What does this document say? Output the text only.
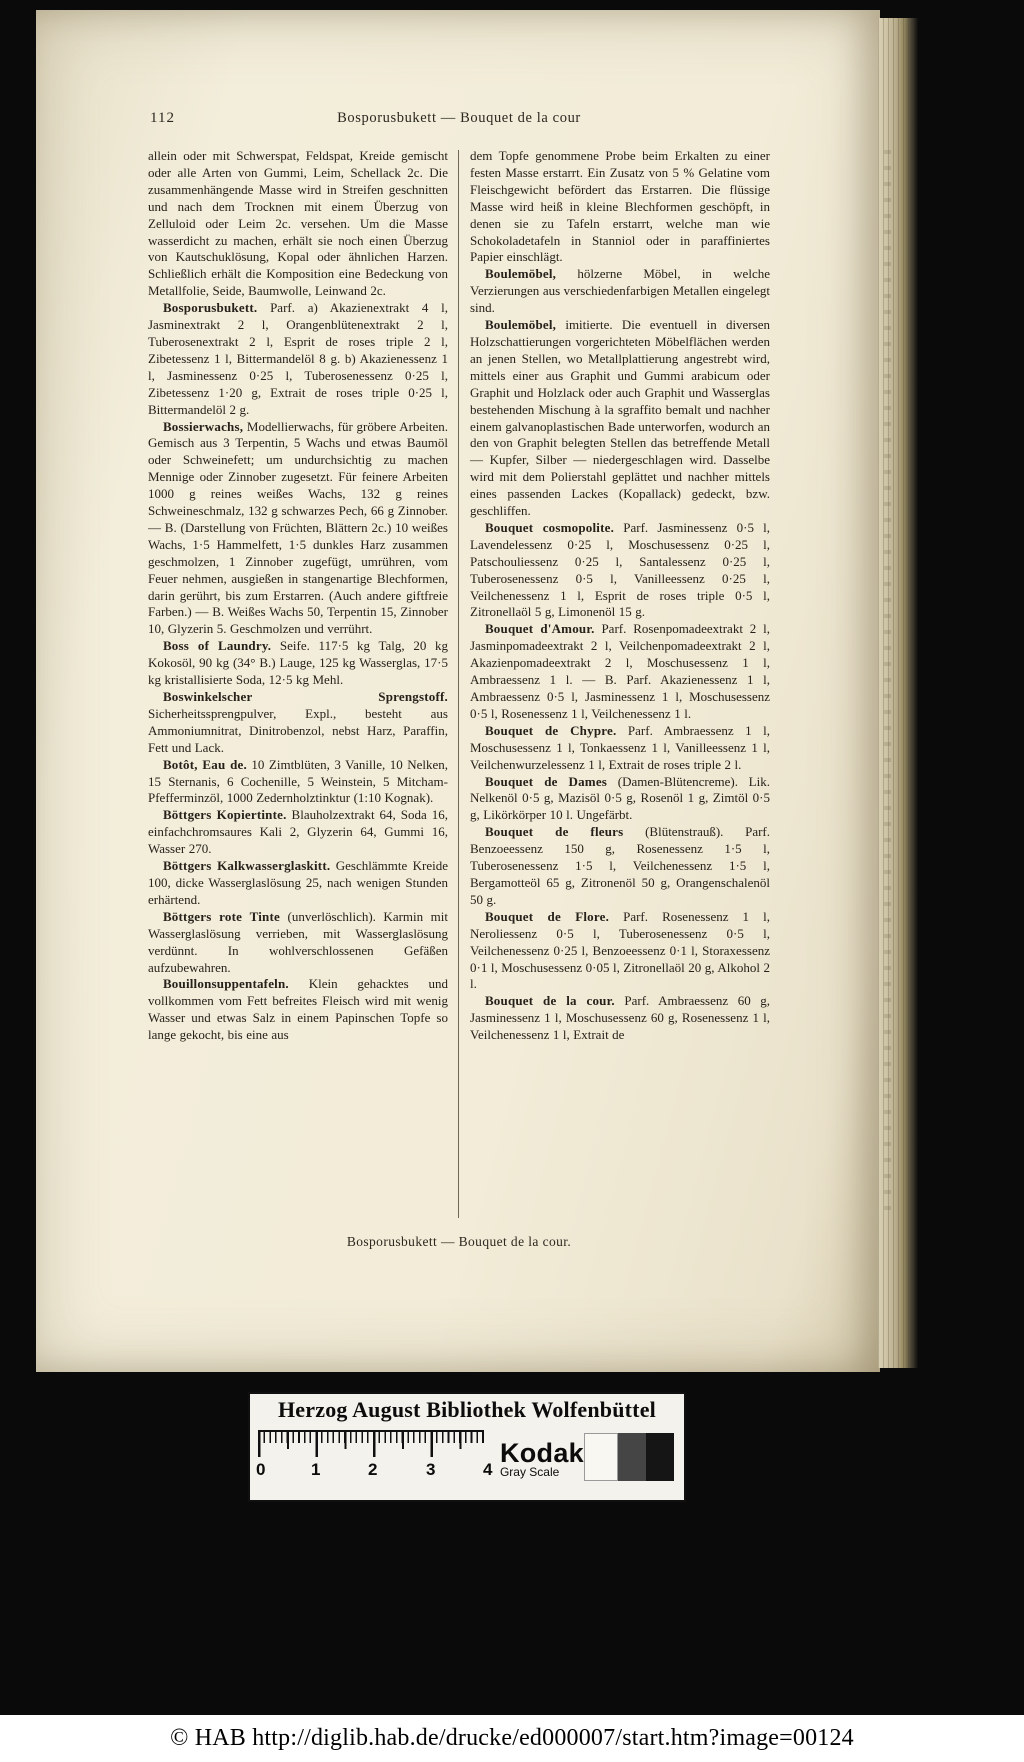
112	Bosporusbukett — Bouquet de la cour

allein oder mit Schwerspat, Feldspat, Kreide gemischt oder alle Arten von Gummi, Leim, Schellack 2c. Die zusammenhängende Masse wird in Streifen geschnitten und nach dem Trocknen mit einem Überzug von Zelluloid oder Leim 2c. versehen. Um die Masse wasserdicht zu machen, erhält sie noch einen Überzug von Kautschuklösung, Kopal oder ähnlichen Harzen. Schließlich erhält die Komposition eine Bedeckung von Metallfolie, Seide, Baumwolle, Leinwand 2c.

Bosporusbukett. Parf. a) Akazienextrakt 4 l, Jasminextrakt 2 l, Orangenblütenextrakt 2 l, Tuberosenextrakt 2 l, Esprit de roses triple 2 l, Zibetessenz 1 l, Bittermandelöl 8 g. b) Akazienessenz 1 l, Jasminessenz 0·25 l, Tuberosenessenz 0·25 l, Zibetessenz 1·20 g, Extrait de roses triple 0·25 l, Bittermandelöl 2 g.

Bossierwachs, Modellierwachs, für gröbere Arbeiten. Gemisch aus 3 Terpentin, 5 Wachs und etwas Baumöl oder Schweinefett; um undurchsichtig zu machen Mennige oder Zinnober zugesetzt. Für feinere Arbeiten 1000 g reines weißes Wachs, 132 g reines Schweineschmalz, 132 g schwarzes Pech, 66 g Zinnober. — B. (Darstellung von Früchten, Blättern 2c.) 10 weißes Wachs, 1·5 Hammelfett, 1·5 dunkles Harz zusammen geschmolzen, 1 Zinnober zugefügt, umrühren, vom Feuer nehmen, ausgießen in stangenartige Blechformen, darin gerührt, bis zum Erstarren. (Auch andere giftfreie Farben.) — B. Weißes Wachs 50, Terpentin 15, Zinnober 10, Glyzerin 5. Geschmolzen und verrührt.

Boss of Laundry. Seife. 117·5 kg Talg, 20 kg Kokosöl, 90 kg (34° B.) Lauge, 125 kg Wasserglas, 17·5 kg kristallisierte Soda, 12·5 kg Mehl.

Boswinkelscher Sprengstoff. Sicherheitssprengpulver, Expl., besteht aus Ammoniumnitrat, Dinitrobenzol, nebst Harz, Paraffin, Fett und Lack.

Botôt, Eau de. 10 Zimtblüten, 3 Vanille, 10 Nelken, 15 Sternanis, 6 Cochenille, 5 Weinstein, 5 Mitcham-Pfefferminzöl, 1000 Zedernholztinktur (1:10 Kognak).

Böttgers Kopiertinte. Blauholzextrakt 64, Soda 16, einfachchromsaures Kali 2, Glyzerin 64, Gummi 16, Wasser 270.

Böttgers Kalkwasserglaskitt. Geschlämmte Kreide 100, dicke Wasserglaslösung 25, nach wenigen Stunden erhärtend.

Böttgers rote Tinte (unverlöschlich). Karmin mit Wasserglaslösung verrieben, mit Wasserglaslösung verdünnt. In wohlverschlossenen Gefäßen aufzubewahren.

Bouillonsuppentafeln. Klein gehacktes und vollkommen vom Fett befreites Fleisch wird mit wenig Wasser und etwas Salz in einem Papinschen Topfe so lange gekocht, bis eine aus

dem Topfe genommene Probe beim Erkalten zu einer festen Masse erstarrt. Ein Zusatz von 5 % Gelatine vom Fleischgewicht befördert das Erstarren. Die flüssige Masse wird heiß in kleine Blechformen geschöpft, in denen sie zu Tafeln erstarrt, welche man wie Schokoladetafeln in Stanniol oder in paraffiniertes Papier einschlägt.

Boulemöbel, hölzerne Möbel, in welche Verzierungen aus verschiedenfarbigen Metallen eingelegt sind.

Boulemöbel, imitierte. Die eventuell in diversen Holzschattierungen vorgerichteten Möbelflächen werden an jenen Stellen, wo Metallplattierung angestrebt wird, mittels einer aus Graphit und Gummi arabicum oder Graphit und Holzlack oder auch Graphit und Wasserglas bestehenden Mischung à la sgraffito bemalt und nachher einem galvanoplastischen Bade unterworfen, wodurch an den von Graphit belegten Stellen das betreffende Metall — Kupfer, Silber — niedergeschlagen wird. Dasselbe wird mit dem Polierstahl geplättet und nachher mittels eines passenden Lackes (Kopallack) gedeckt, bzw. geschliffen.

Bouquet cosmopolite. Parf. Jasminessenz 0·5 l, Lavendelessenz 0·25 l, Moschusessenz 0·25 l, Patschouliessenz 0·25 l, Santalessenz 0·25 l, Tuberosenessenz 0·5 l, Vanilleessenz 0·25 l, Veilchenessenz 1 l, Esprit de roses triple 0·5 l, Zitronellaöl 5 g, Limonenöl 15 g.

Bouquet d'Amour. Parf. Rosenpomadeextrakt 2 l, Jasminpomadeextrakt 2 l, Veilchenpomadeextrakt 2 l, Akazienpomadeextrakt 2 l, Moschusessenz 1 l, Ambraessenz 1 l. — B. Parf. Akazienessenz 1 l, Ambraessenz 0·5 l, Jasminessenz 1 l, Moschusessenz 0·5 l, Rosenessenz 1 l, Veilchenessenz 1 l.

Bouquet de Chypre. Parf. Ambraessenz 1 l, Moschusessenz 1 l, Tonkaessenz 1 l, Vanilleessenz 1 l, Veilchenwurzelessenz 1 l, Extrait de roses triple 2 l.

Bouquet de Dames (Damen-Blütencreme). Lik. Nelkenöl 0·5 g, Mazisöl 0·5 g, Rosenöl 1 g, Zimtöl 0·5 g, Likörkörper 10 l. Ungefärbt.

Bouquet de fleurs (Blütenstrauß). Parf. Benzoeessenz 150 g, Rosenessenz 1·5 l, Tuberosenessenz 1·5 l, Veilchenessenz 1·5 l, Bergamotteöl 65 g, Zitronenöl 50 g, Orangenschalenöl 50 g.

Bouquet de Flore. Parf. Rosenessenz 1 l, Neroliessenz 0·5 l, Tuberosenessenz 0·5 l, Veilchenessenz 0·25 l, Benzoeessenz 0·1 l, Storaxessenz 0·1 l, Moschusessenz 0·05 l, Zitronellaöl 20 g, Alkohol 2 l.

Bouquet de la cour. Parf. Ambraessenz 60 g, Jasminessenz 1 l, Moschusessenz 60 g, Rosenessenz 1 l, Veilchenessenz 1 l, Extrait de

Bosporusbukett — Bouquet de la cour.
Herzog August Bibliothek Wolfenbüttel
0	1	2	3	4
Kodak
Gray Scale
© HAB http://diglib.hab.de/drucke/ed000007/start.htm?image=00124
